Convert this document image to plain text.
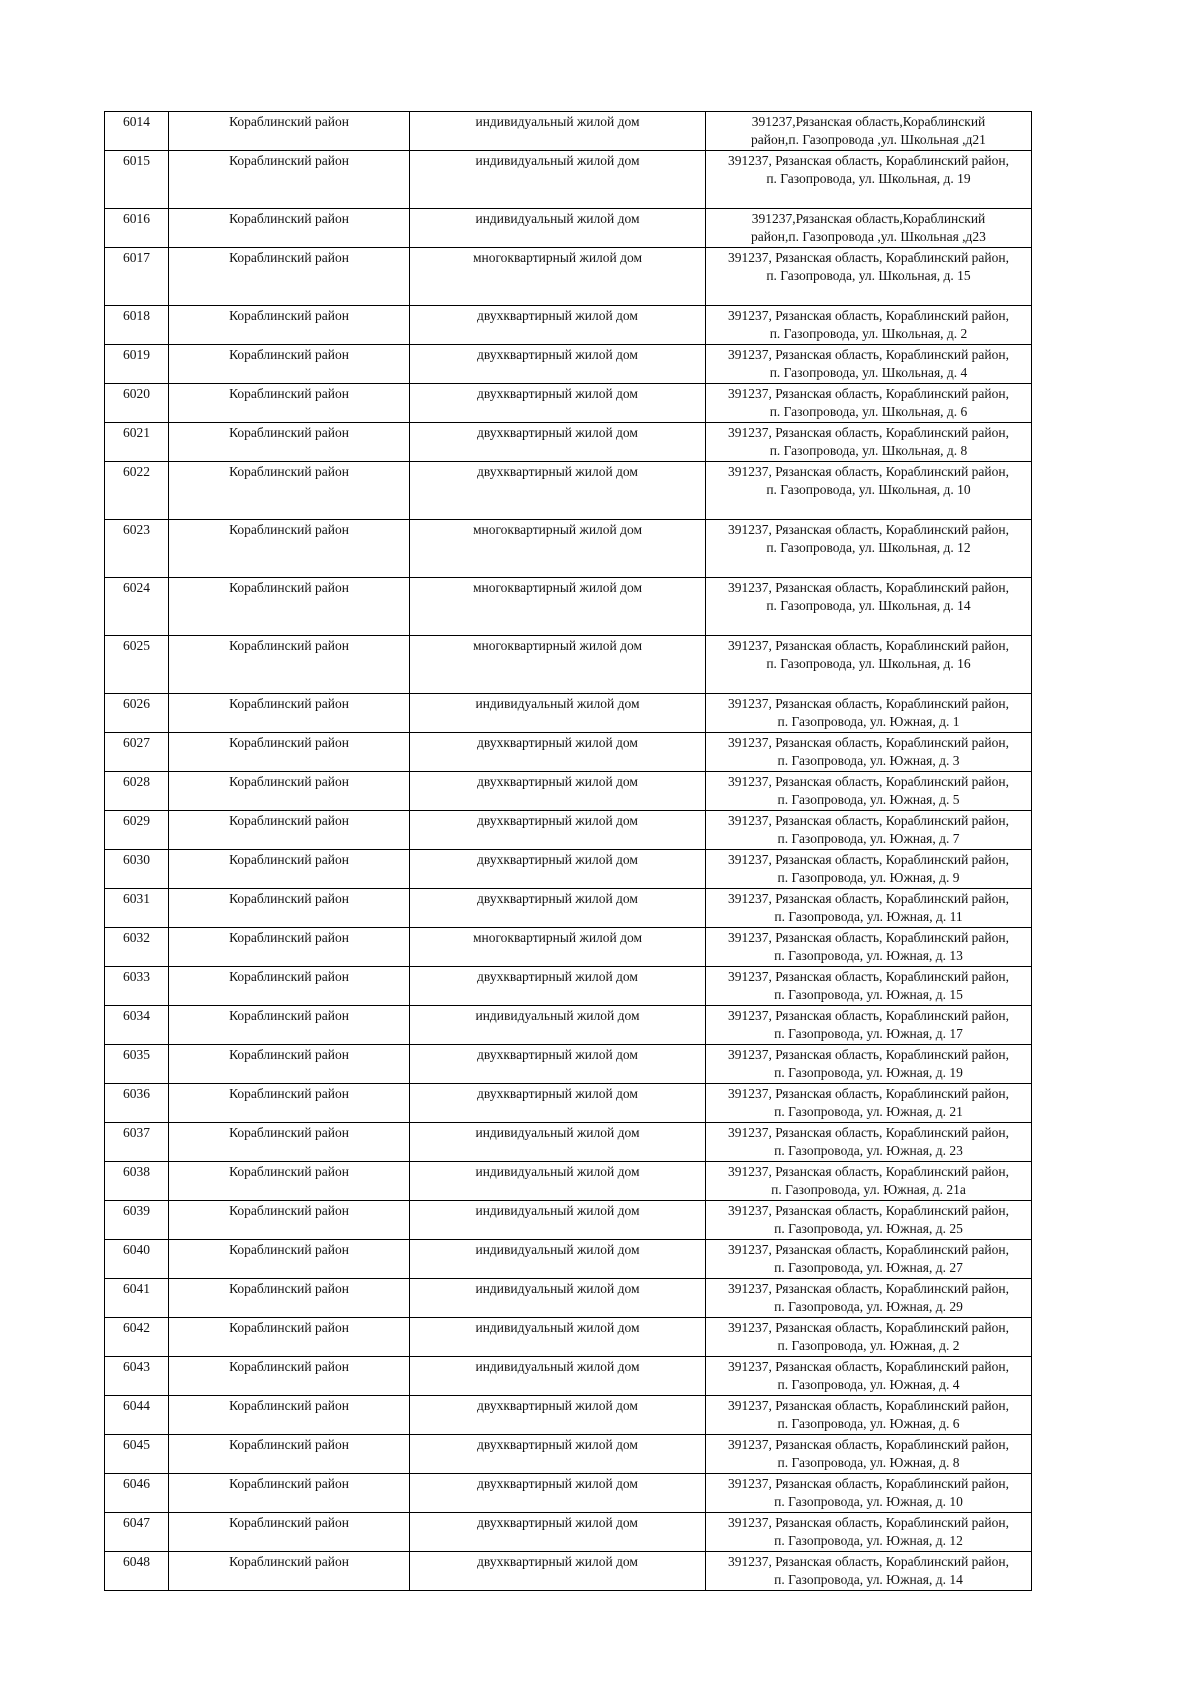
6014	Кораблинский район	индивидуальный жилой дом	391237,Рязанская область,Кораблинский
район,п. Газопровода ,ул. Школьная ,д21

6015	Кораблинский район	индивидуальный жилой дом	391237, Рязанская область, Кораблинский район,
п. Газопровода, ул. Школьная, д. 19

6016	Кораблинский район	индивидуальный жилой дом	391237,Рязанская область,Кораблинский
район,п. Газопровода ,ул. Школьная ,д23

6017	Кораблинский район	многоквартирный жилой дом	391237, Рязанская область, Кораблинский район,
п. Газопровода, ул. Школьная, д. 15

6018	Кораблинский район	двухквартирный жилой дом	391237, Рязанская область, Кораблинский район,
п. Газопровода, ул. Школьная, д. 2

6019	Кораблинский район	двухквартирный жилой дом	391237, Рязанская область, Кораблинский район,
п. Газопровода, ул. Школьная, д. 4

6020	Кораблинский район	двухквартирный жилой дом	391237, Рязанская область, Кораблинский район,
п. Газопровода, ул. Школьная, д. 6

6021	Кораблинский район	двухквартирный жилой дом	391237, Рязанская область, Кораблинский район,
п. Газопровода, ул. Школьная, д. 8

6022	Кораблинский район	двухквартирный жилой дом	391237, Рязанская область, Кораблинский район,
п. Газопровода, ул. Школьная, д. 10

6023	Кораблинский район	многоквартирный жилой дом	391237, Рязанская область, Кораблинский район,
п. Газопровода, ул. Школьная, д. 12

6024	Кораблинский район	многоквартирный жилой дом	391237, Рязанская область, Кораблинский район,
п. Газопровода, ул. Школьная, д. 14

6025	Кораблинский район	многоквартирный жилой дом	391237, Рязанская область, Кораблинский район,
п. Газопровода, ул. Школьная, д. 16

6026	Кораблинский район	индивидуальный жилой дом	391237, Рязанская область, Кораблинский район,
п. Газопровода, ул. Южная, д. 1

6027	Кораблинский район	двухквартирный жилой дом	391237, Рязанская область, Кораблинский район,
п. Газопровода, ул. Южная, д. 3

6028	Кораблинский район	двухквартирный жилой дом	391237, Рязанская область, Кораблинский район,
п. Газопровода, ул. Южная, д. 5

6029	Кораблинский район	двухквартирный жилой дом	391237, Рязанская область, Кораблинский район,
п. Газопровода, ул. Южная, д. 7

6030	Кораблинский район	двухквартирный жилой дом	391237, Рязанская область, Кораблинский район,
п. Газопровода, ул. Южная, д. 9

6031	Кораблинский район	двухквартирный жилой дом	391237, Рязанская область, Кораблинский район,
п. Газопровода, ул. Южная, д. 11

6032	Кораблинский район	многоквартирный жилой дом	391237, Рязанская область, Кораблинский район,
п. Газопровода, ул. Южная, д. 13

6033	Кораблинский район	двухквартирный жилой дом	391237, Рязанская область, Кораблинский район,
п. Газопровода, ул. Южная, д. 15

6034	Кораблинский район	индивидуальный жилой дом	391237, Рязанская область, Кораблинский район,
п. Газопровода, ул. Южная, д. 17

6035	Кораблинский район	двухквартирный жилой дом	391237, Рязанская область, Кораблинский район,
п. Газопровода, ул. Южная, д. 19

6036	Кораблинский район	двухквартирный жилой дом	391237, Рязанская область, Кораблинский район,
п. Газопровода, ул. Южная, д. 21

6037	Кораблинский район	индивидуальный жилой дом	391237, Рязанская область, Кораблинский район,
п. Газопровода, ул. Южная, д. 23

6038	Кораблинский район	индивидуальный жилой дом	391237, Рязанская область, Кораблинский район,
п. Газопровода, ул. Южная, д. 21а

6039	Кораблинский район	индивидуальный жилой дом	391237, Рязанская область, Кораблинский район,
п. Газопровода, ул. Южная, д. 25

6040	Кораблинский район	индивидуальный жилой дом	391237, Рязанская область, Кораблинский район,
п. Газопровода, ул. Южная, д. 27

6041	Кораблинский район	индивидуальный жилой дом	391237, Рязанская область, Кораблинский район,
п. Газопровода, ул. Южная, д. 29

6042	Кораблинский район	индивидуальный жилой дом	391237, Рязанская область, Кораблинский район,
п. Газопровода, ул. Южная, д. 2

6043	Кораблинский район	индивидуальный жилой дом	391237, Рязанская область, Кораблинский район,
п. Газопровода, ул. Южная, д. 4

6044	Кораблинский район	двухквартирный жилой дом	391237, Рязанская область, Кораблинский район,
п. Газопровода, ул. Южная, д. 6

6045	Кораблинский район	двухквартирный жилой дом	391237, Рязанская область, Кораблинский район,
п. Газопровода, ул. Южная, д. 8

6046	Кораблинский район	двухквартирный жилой дом	391237, Рязанская область, Кораблинский район,
п. Газопровода, ул. Южная, д. 10

6047	Кораблинский район	двухквартирный жилой дом	391237, Рязанская область, Кораблинский район,
п. Газопровода, ул. Южная, д. 12

6048	Кораблинский район	двухквартирный жилой дом	391237, Рязанская область, Кораблинский район,
п. Газопровода, ул. Южная, д. 14
